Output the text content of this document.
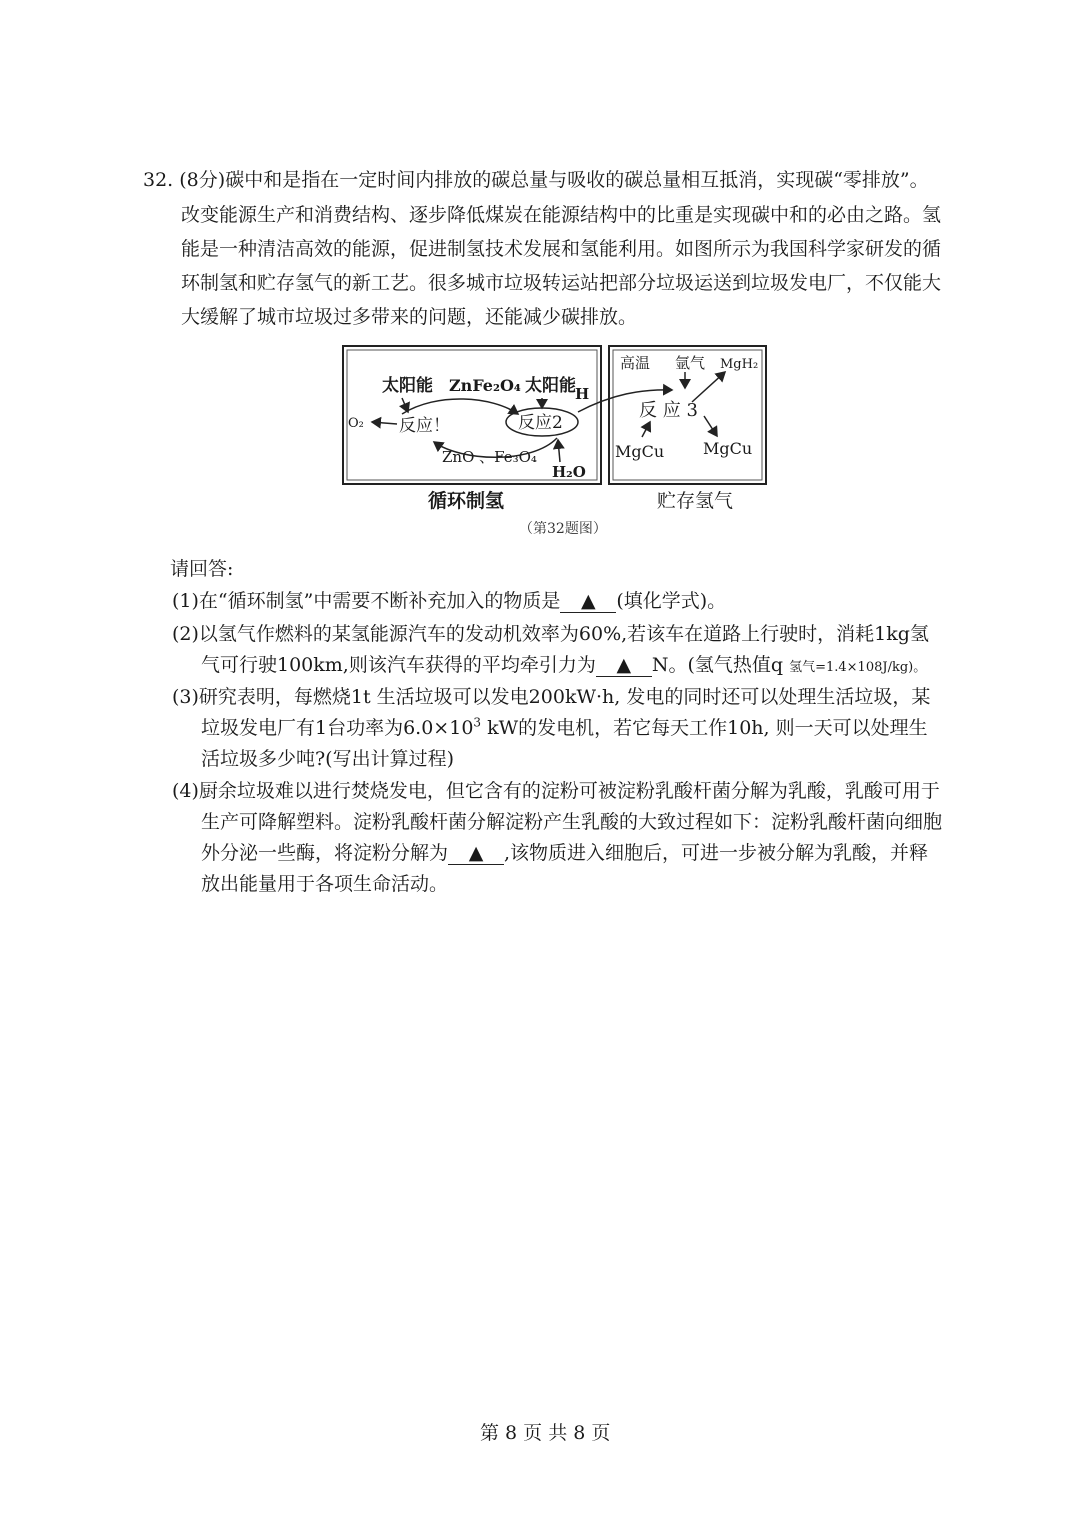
32. (8分)碳中和是指在一定时间内排放的碳总量与吸收的碳总量相互抵消，实现碳“零排放”。
改变能源生产和消费结构、逐步降低煤炭在能源结构中的比重是实现碳中和的必由之路。氢
能是一种清洁高效的能源，促进制氢技术发展和氢能利用。如图所示为我国科学家研发的循
环制氢和贮存氢气的新工艺。很多城市垃圾转运站把部分垃圾运送到垃圾发电厂，不仅能大
大缓解了城市垃圾过多带来的问题，还能减少碳排放。
太阳能 ZnFe₂O₄ 太阳能 H
O₂ 反应！	反应2
ZnO 、Fe₃O₄
H₂O
高温 氩气 MgH₂
反 应 3
MgCu MgCu
循环制氢	贮存氢气
（第32题图）
请回答:
(1)在“循环制氢”中需要不断补充加入的物质是 ▲ (填化学式)。
(2)以氢气作燃料的某氢能源汽车的发动机效率为60%,若该车在道路上行驶时，消耗1kg氢
气可行驶100km,则该汽车获得的平均牵引力为 ▲ N。(氢气热值q 氢气=1.4×108J/kg)。
(3)研究表明，每燃烧1t 生活垃圾可以发电200kW·h, 发电的同时还可以处理生活垃圾，某
垃圾发电厂有1台功率为$6.0\times 10^3$ kW的发电机，若它每天工作10h, 则一天可以处理生
活垃圾多少吨?(写出计算过程)
(4)厨余垃圾难以进行焚烧发电，但它含有的淀粉可被淀粉乳酸杆菌分解为乳酸，乳酸可用于
生产可降解塑料。淀粉乳酸杆菌分解淀粉产生乳酸的大致过程如下：淀粉乳酸杆菌向细胞
外分泌一些酶，将淀粉分解为 ▲ ,该物质进入细胞后，可进一步被分解为乳酸，并释
放出能量用于各项生命活动。
第 8 页 共 8 页
